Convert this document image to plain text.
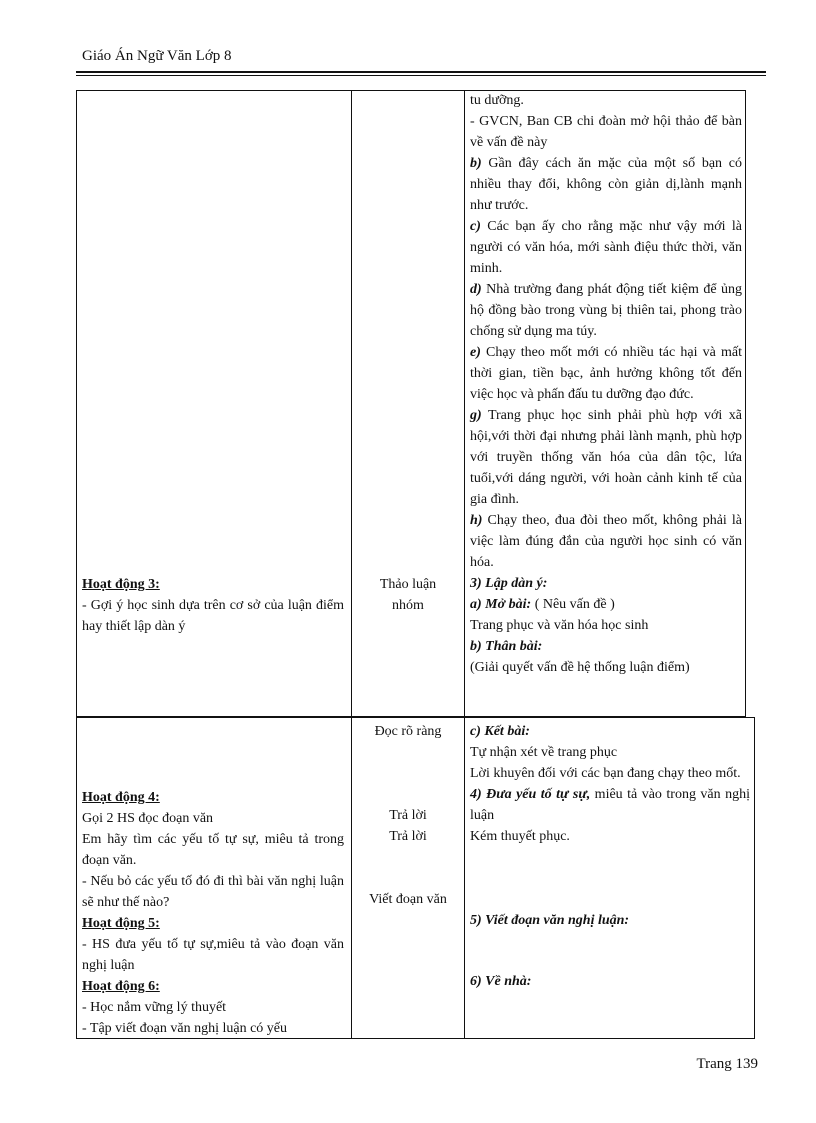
Giáo Án Ngữ Văn Lớp 8

Hoạt động 3:

- Gợi ý học sinh dựa trên cơ sở của luận điểm hay thiết lập dàn ý

Thảo luận

nhóm

tu dưỡng.

- GVCN, Ban CB chi đoàn mở hội thảo để bàn về vấn đề này

b) Gần đây cách ăn mặc của một số bạn có nhiều thay đổi, không còn giản dị,lành mạnh như trước.

c) Các bạn ấy cho rằng mặc như vậy mới là người có văn hóa, mới sành điệu thức thời, văn minh.

d) Nhà trường đang phát động tiết kiệm để ủng hộ đồng bào trong vùng bị thiên tai, phong trào chống sử dụng ma túy.

e) Chạy theo mốt mới có nhiều tác hại và mất thời gian, tiền bạc, ảnh hưởng không tốt đến việc học và phấn đấu tu dưỡng đạo đức.

g) Trang phục học sinh phải phù hợp với xã hội,với thời đại nhưng phải lành mạnh, phù hợp với truyền thống văn hóa của dân tộc, lứa tuổi,với dáng người, với hoàn cảnh kinh tế của gia đình.

h) Chạy theo, đua đòi theo mốt, không phải là việc làm đúng đắn của người học sinh có văn hóa.

3) Lập dàn ý:

a) Mở bài: ( Nêu vấn đề )

Trang phục và văn hóa học sinh

b) Thân bài:

(Giải quyết vấn đề hệ thống luận điểm)

Hoạt động 4:

Gọi 2 HS đọc đoạn văn

Em hãy tìm các yếu tố tự sự, miêu tả trong đoạn văn.

- Nếu bỏ các yếu tố đó đi thì bài văn nghị luận sẽ như thế nào?

Hoạt động 5:

- HS đưa yếu tố tự sự,miêu tả vào đoạn văn nghị luận

Hoạt động 6:

- Học nắm vững lý thuyết

- Tập viết đoạn văn nghị luận có yếu

Đọc rõ ràng

Trả lời

Trả lời

Viết đoạn văn

c) Kết bài:

Tự nhận xét về trang phục

Lời khuyên đối với các bạn đang chạy theo mốt.

4) Đưa yếu tố tự sự, miêu tả vào trong văn nghị luận

Kém thuyết phục.

5) Viết đoạn văn nghị luận:

6) Về nhà:

Trang 139
